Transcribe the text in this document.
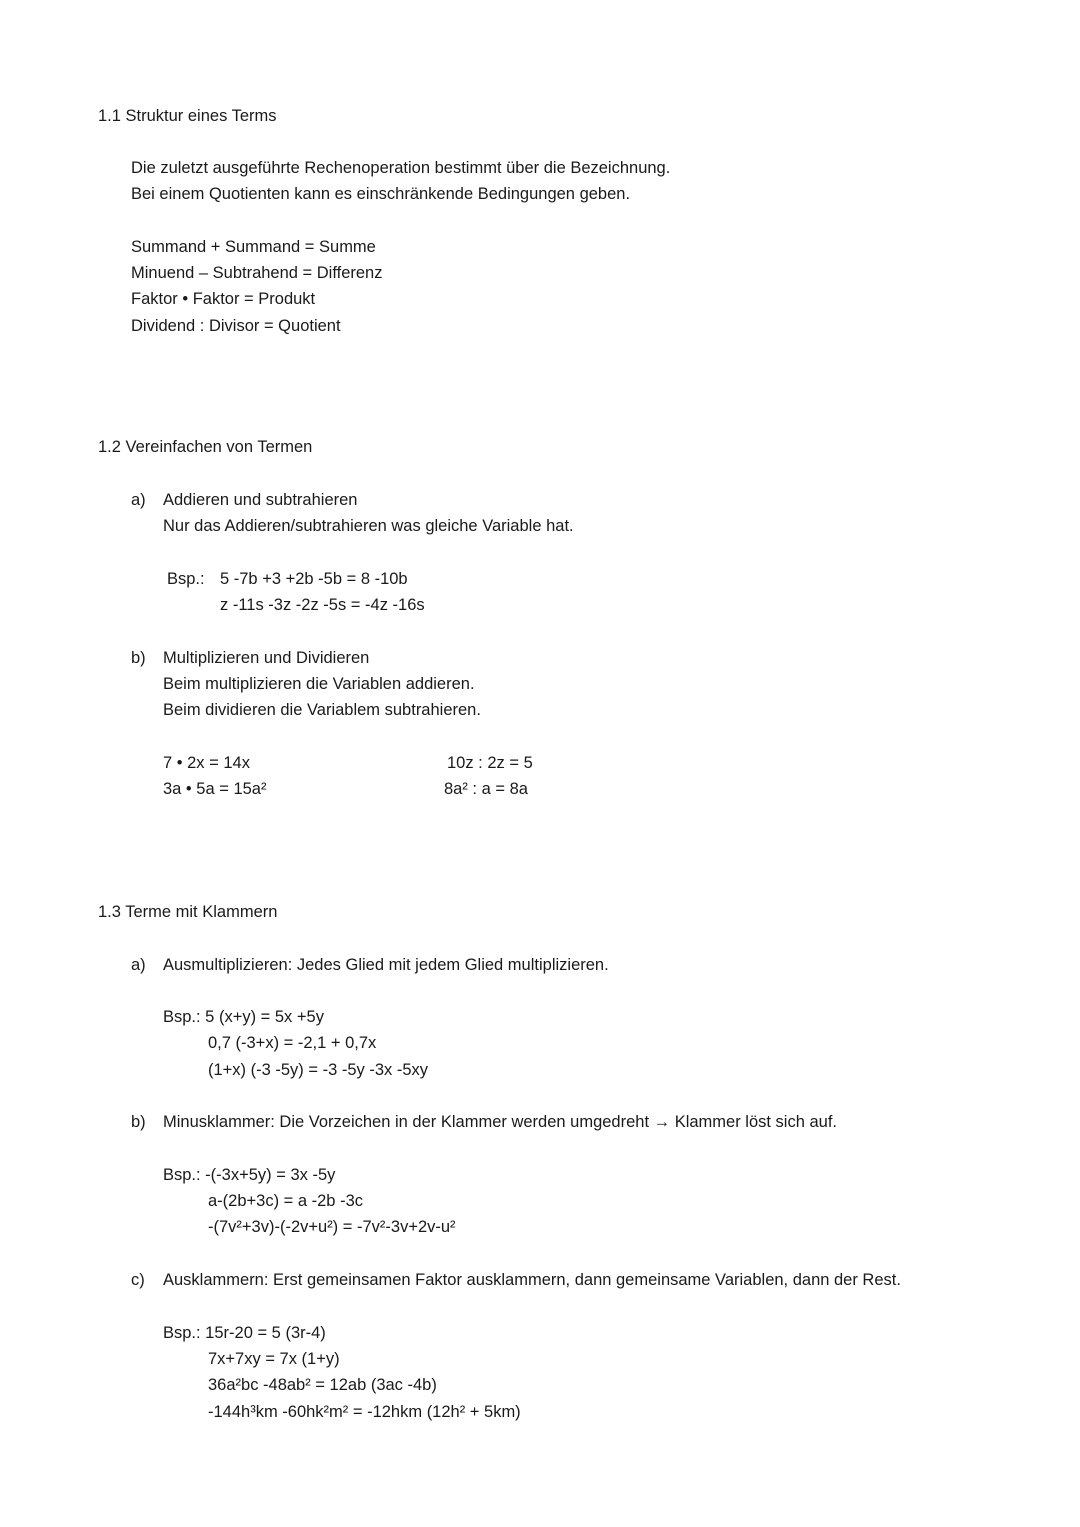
1.1 Struktur eines Terms
Die zuletzt ausgeführte Rechenoperation bestimmt über die Bezeichnung.
Bei einem Quotienten kann es einschränkende Bedingungen geben.
Summand + Summand = Summe
Minuend – Subtrahend = Differenz
Faktor • Faktor = Produkt
Dividend : Divisor = Quotient
1.2 Vereinfachen von Termen
a) Addieren und subtrahieren
Nur das Addieren/subtrahieren was gleiche Variable hat.
Bsp.: 5 -7b +3 +2b -5b = 8 -10b
z -11s -3z -2z -5s = -4z -16s
b) Multiplizieren und Dividieren
Beim multiplizieren die Variablen addieren.
Beim dividieren die Variablem subtrahieren.
7 • 2x = 14x
3a • 5a = 15a²
10z : 2z = 5
8a² : a = 8a
1.3 Terme mit Klammern
a) Ausmultiplizieren: Jedes Glied mit jedem Glied multiplizieren.
Bsp.: 5 (x+y) = 5x +5y
0,7 (-3+x) = -2,1 + 0,7x
(1+x) (-3 -5y) = -3 -5y -3x -5xy
b) Minusklammer: Die Vorzeichen in der Klammer werden umgedreht → Klammer löst sich auf.
Bsp.: -(-3x+5y) = 3x -5y
a-(2b+3c) = a -2b -3c
-(7v²+3v)-(-2v+u²) = -7v²-3v+2v-u²
c) Ausklammern: Erst gemeinsamen Faktor ausklammern, dann gemeinsame Variablen, dann der Rest.
Bsp.: 15r-20 = 5 (3r-4)
7x+7xy = 7x (1+y)
36a²bc -48ab² = 12ab (3ac -4b)
-144h³km -60hk²m² = -12hkm (12h² + 5km)
